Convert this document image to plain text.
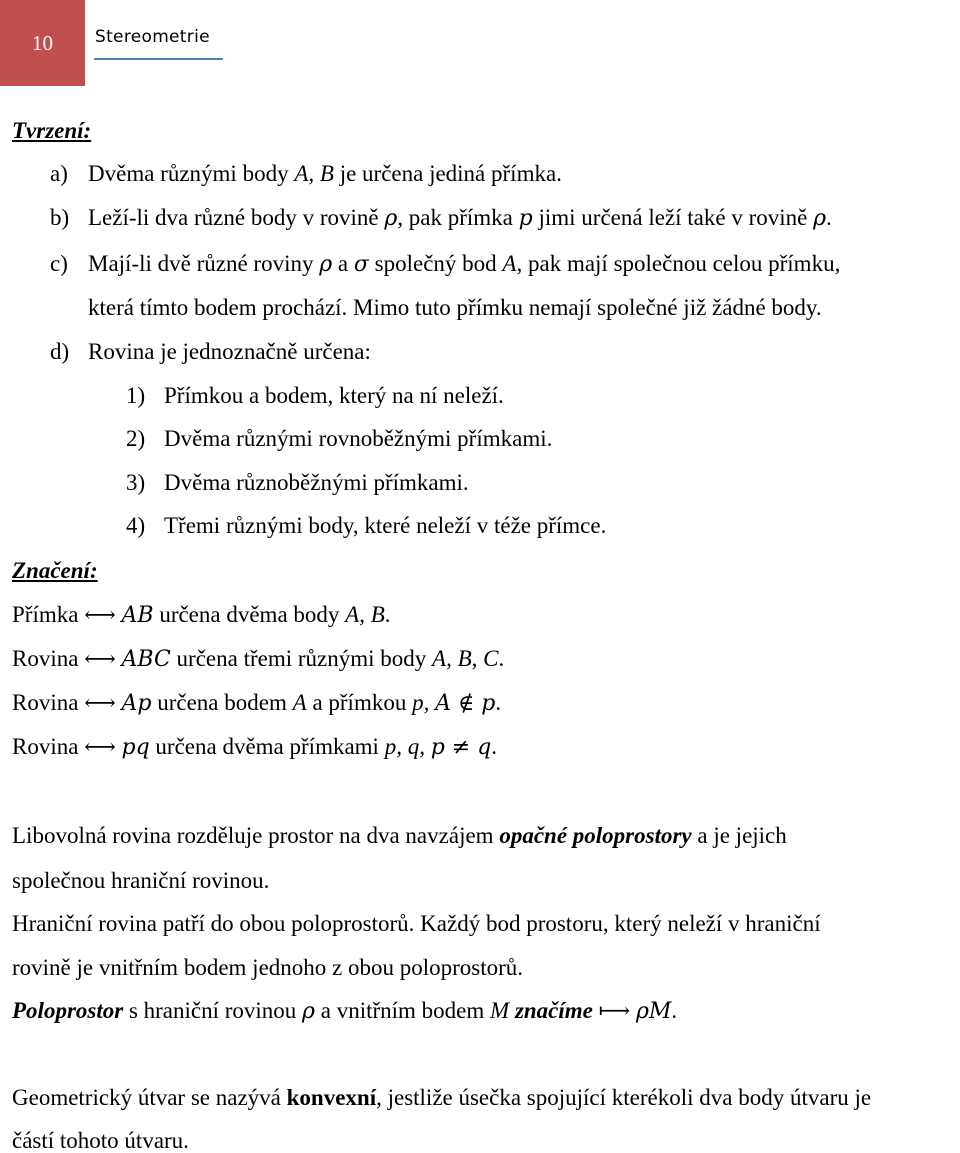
10 Stereometrie
Tvrzení:
a) Dvěma různými body A, B je určena jediná přímka.
b) Leží-li dva různé body v rovině ρ, pak přímka p jimi určená leží také v rovině ρ.
c) Mají-li dvě různé roviny ρ a σ společný bod A, pak mají společnou celou přímku,
která tímto bodem prochází. Mimo tuto přímku nemají společné již žádné body.
d) Rovina je jednoznačně určena:
1) Přímkou a bodem, který na ní neleží.
2) Dvěma různými rovnoběžnými přímkami.
3) Dvěma různoběžnými přímkami.
4) Třemi různými body, které neleží v téže přímce.
Značení:
Přímka ⟷ AB určena dvěma body A, B.
Rovina ⟷ ABC určena třemi různými body A, B, C.
Rovina ⟷ Ap určena bodem A a přímkou p, A ∉ p.
Rovina ⟷ pq určena dvěma přímkami p, q, p ≠ q.
Libovolná rovina rozděluje prostor na dva navzájem opačné poloprostory a je jejich
společnou hraniční rovinou.
Hraniční rovina patří do obou poloprostorů. Každý bod prostoru, který neleží v hraniční
rovině je vnitřním bodem jednoho z obou poloprostorů.
Poloprostor s hraniční rovinou ρ a vnitřním bodem M značíme ⟼ ρM.
Geometrický útvar se nazývá konvexní, jestliže úsečka spojující kterékoli dva body útvaru je
částí tohoto útvaru.
